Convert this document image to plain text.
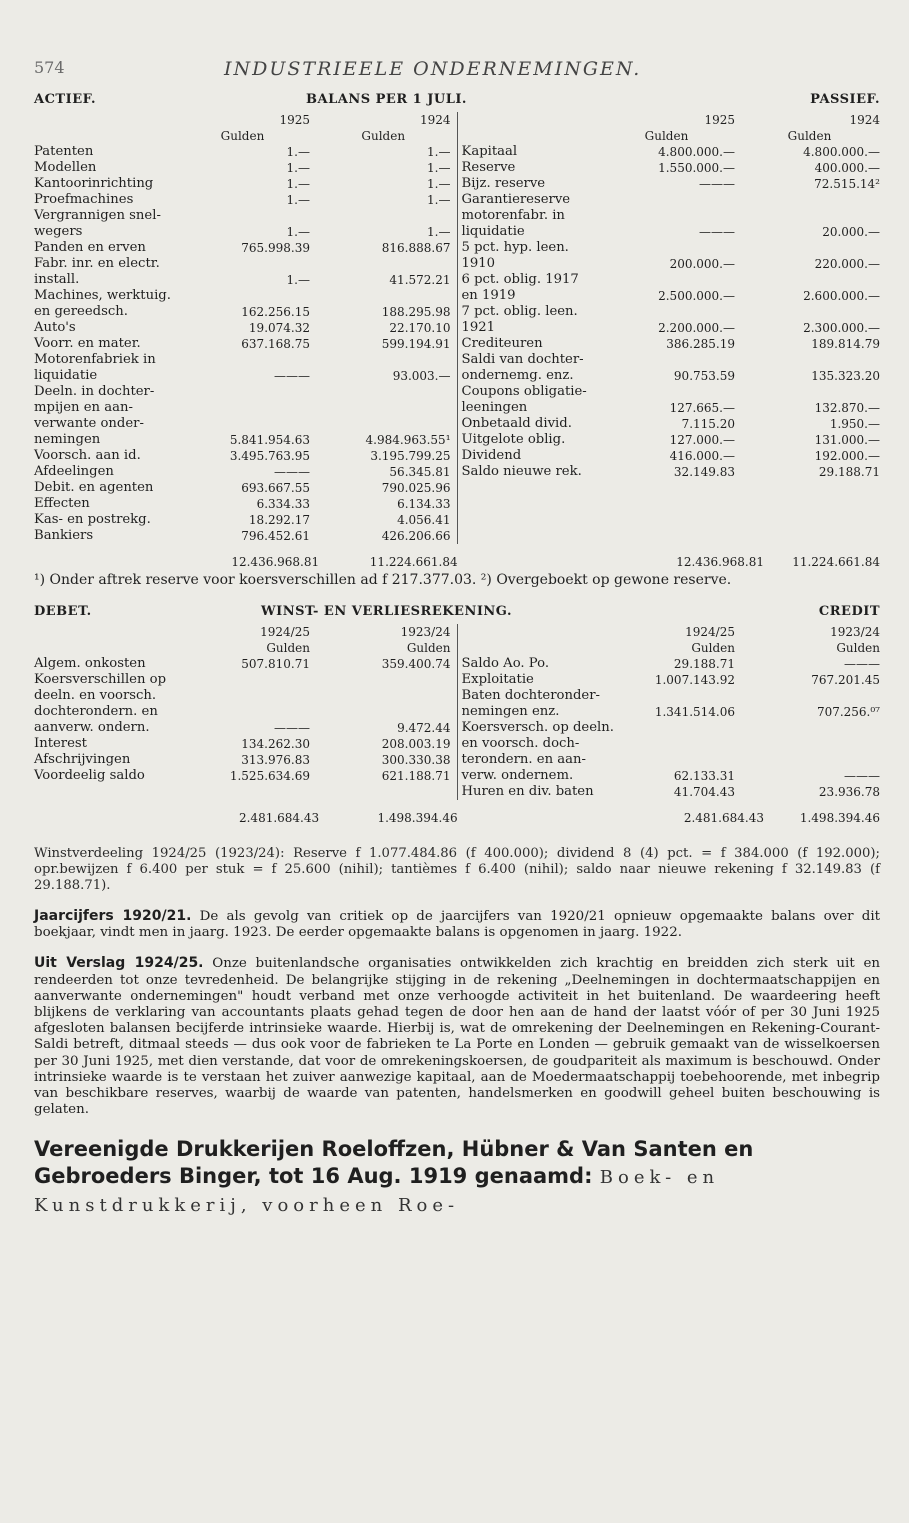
574	INDUSTRIEELE ONDERNEMINGEN.
ACTIEF.	BALANS PER 1 JULI.				PASSIEF.
	1925	1924		1925	1924
	Gulden	Gulden		Gulden	Gulden
Patenten	1.—	1.—	Kapitaal	4.800.000.—	4.800.000.—
Modellen	1.—	1.—	Reserve	1.550.000.—	400.000.—
Kantoorinrichting	1.—	1.—	Bijz. reserve	———	72.515.14²
Proefmachines	1.—	1.—	Garantiereserve		
Vergrannigen snel-			motorenfabr. in		
wegers	1.—	1.—	liquidatie	———	20.000.—
Panden en erven	765.998.39	816.888.67	5 pct. hyp. leen.		
Fabr. inr. en electr.			1910	200.000.—	220.000.—
install.	1.—	41.572.21	6 pct. oblig. 1917		
Machines, werktuig.			en 1919	2.500.000.—	2.600.000.—
en gereedsch.	162.256.15	188.295.98	7 pct. oblig. leen.		
Auto's	19.074.32	22.170.10	1921	2.200.000.—	2.300.000.—
Voorr. en mater.	637.168.75	599.194.91	Crediteuren	386.285.19	189.814.79
Motorenfabriek in			Saldi van dochter-		
liquidatie	———	93.003.—	ondernemg. enz.	90.753.59	135.323.20
Deeln. in dochter-			Coupons obligatie-		
mpijen en aan-			leeningen	127.665.—	132.870.—
verwante onder-			Onbetaald divid.	7.115.20	1.950.—
nemingen	5.841.954.63	4.984.963.55¹	Uitgelote oblig.	127.000.—	131.000.—
Voorsch. aan id.	3.495.763.95	3.195.799.25	Dividend	416.000.—	192.000.—
Afdeelingen	———	56.345.81	Saldo nieuwe rek.	32.149.83	29.188.71
Debit. en agenten	693.667.55	790.025.96			
Effecten	6.334.33	6.134.33			
Kas- en postrekg.	18.292.17	4.056.41			
Bankiers	796.452.61	426.206.66			
	12.436.968.81	11.224.661.84		12.436.968.81	11.224.661.84
¹) Onder aftrek reserve voor koersverschillen ad f 217.377.03. ²) Overgeboekt op gewone reserve.
DEBET.	WINST- EN VERLIESREKENING.				CREDIT
	1924/25	1923/24		1924/25	1923/24
	Gulden	Gulden		Gulden	Gulden
Algem. onkosten	507.810.71	359.400.74	Saldo Ao. Po.	29.188.71	———
Koersverschillen op			Exploitatie	1.007.143.92	767.201.45
deeln. en voorsch.			Baten dochteronder-		
dochterondern. en			nemingen enz.	1.341.514.06	707.256.⁰⁷
aanverw. ondern.	———	9.472.44	Koersversch. op deeln.		
Interest	134.262.30	208.003.19	en voorsch. doch-		
Afschrijvingen	313.976.83	300.330.38	terondern. en aan-		
Voordeelig saldo	1.525.634.69	621.188.71	verw. ondernem.	62.133.31	———
			Huren en div. baten	41.704.43	23.936.78
	2.481.684.43	1.498.394.46		2.481.684.43	1.498.394.46

Winstverdeeling 1924/25 (1923/24): Reserve f 1.077.484.86 (f 400.000); dividend 8 (4) pct. = f 384.000 (f 192.000); opr.bewijzen f 6.400 per stuk = f 25.600 (nihil); tantièmes f 6.400 (nihil); saldo naar nieuwe rekening f 32.149.83 (f 29.188.71).

Jaarcijfers 1920/21. De als gevolg van critiek op de jaarcijfers van 1920/21 opnieuw opgemaakte balans over dit boekjaar, vindt men in jaarg. 1923. De eerder opgemaakte balans is opgenomen in jaarg. 1922.

Uit Verslag 1924/25. Onze buitenlandsche organisaties ontwikkelden zich krachtig en breidden zich sterk uit en rendeerden tot onze tevredenheid. De belangrijke stijging in de rekening „Deelnemingen in dochtermaatschappijen en aanverwante ondernemingen" houdt verband met onze verhoogde activiteit in het buitenland. De waardeering heeft blijkens de verklaring van accountants plaats gehad tegen de door hen aan de hand der laatst vóór of per 30 Juni 1925 afgesloten balansen becijferde intrinsieke waarde. Hierbij is, wat de omrekening der Deelnemingen en Rekening-Courant-Saldi betreft, ditmaal steeds — dus ook voor de fabrieken te La Porte en Londen — gebruik gemaakt van de wisselkoersen per 30 Juni 1925, met dien verstande, dat voor de omrekeningskoersen, de goudpariteit als maximum is beschouwd. Onder intrinsieke waarde is te verstaan het zuiver aanwezige kapitaal, aan de Moedermaatschappij toebehoorende, met inbegrip van beschikbare reserves, waarbij de waarde van patenten, handelsmerken en goodwill geheel buiten beschouwing is gelaten.

Vereenigde Drukkerijen Roeloffzen, Hübner & Van Santen en Gebroeders Binger, tot 16 Aug. 1919 genaamd: Boek- en Kunstdrukkerij, voorheen Roe-
